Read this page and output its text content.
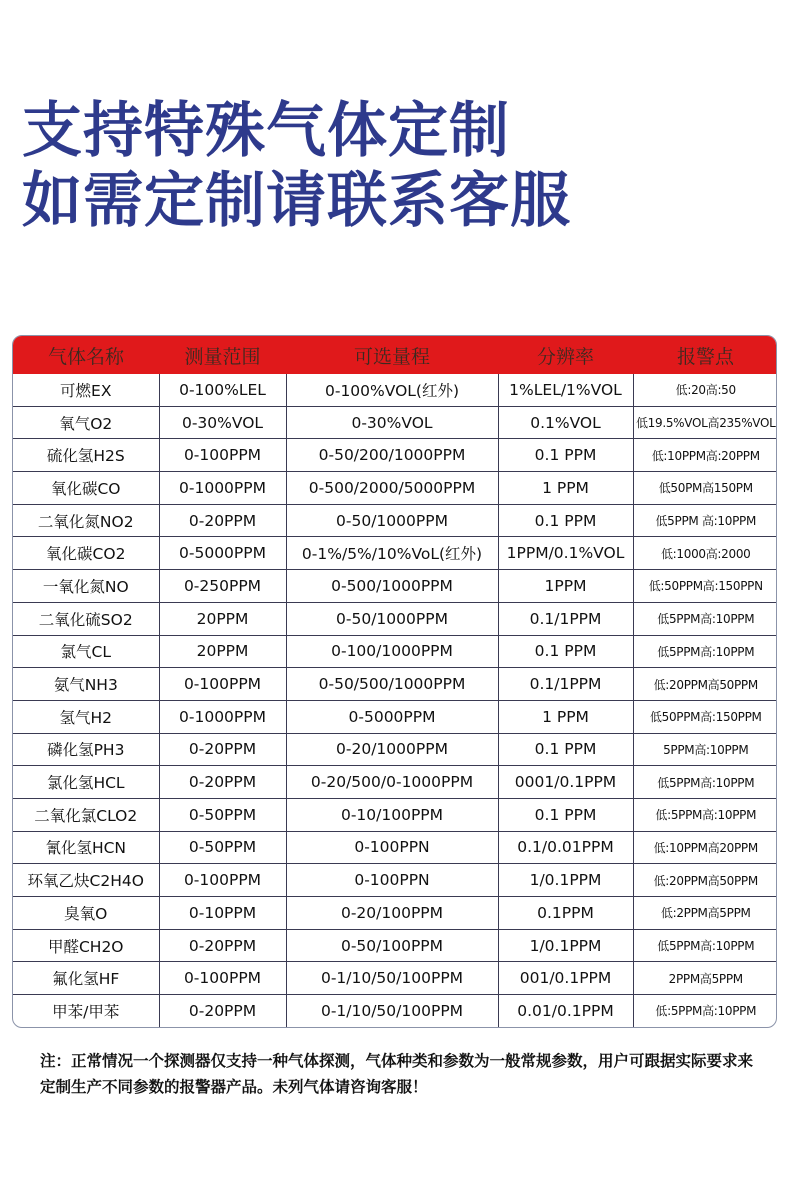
支持特殊气体定制
如需定制请联系客服
气体名称	测量范围	可选量程	分辨率	报警点
可燃EX	0-100%LEL	0-100%VOL(红外)	1%LEL/1%VOL	低:20高:50
氧气O2	0-30%VOL	0-30%VOL	0.1%VOL	低19.5%VOL高235%VOL
硫化氢H2S	0-100PPM	0-50/200/1000PPM	0.1 PPM	低:10PPM高:20PPM
氧化碳CO	0-1000PPM	0-500/2000/5000PPM	1 PPM	低50PM高150PM
二氧化氮NO2	0-20PPM	0-50/1000PPM	0.1 PPM	低5PPM 高:10PPM
氧化碳CO2	0-5000PPM	0-1%/5%/10%VoL(红外)	1PPM/0.1%VOL	低:1000高:2000
一氧化氮NO	0-250PPM	0-500/1000PPM	1PPM	低:50PPM高:150PPN
二氧化硫SO2	20PPM	0-50/1000PPM	0.1/1PPM	低5PPM高:10PPM
氯气CL	20PPM	0-100/1000PPM	0.1 PPM	低5PPM高:10PPM
氨气NH3	0-100PPM	0-50/500/1000PPM	0.1/1PPM	低:20PPM高50PPM
氢气H2	0-1000PPM	0-5000PPM	1 PPM	低50PPM高:150PPM
磷化氢PH3	0-20PPM	0-20/1000PPM	0.1 PPM	5PPM高:10PPM
氯化氢HCL	0-20PPM	0-20/500/0-1000PPM	0001/0.1PPM	低5PPM高:10PPM
二氧化氯CLO2	0-50PPM	0-10/100PPM	0.1 PPM	低:5PPM高:10PPM
氰化氢HCN	0-50PPM	0-100PPN	0.1/0.01PPM	低:10PPM高20PPM
环氧乙炔C2H4O	0-100PPM	0-100PPN	1/0.1PPM	低:20PPM高50PPM
臭氧O	0-10PPM	0-20/100PPM	0.1PPM	低:2PPM高5PPM
甲醛CH2O	0-20PPM	0-50/100PPM	1/0.1PPM	低5PPM高:10PPM
氟化氢HF	0-100PPM	0-1/10/50/100PPM	001/0.1PPM	2PPM高5PPM
甲苯/甲苯	0-20PPM	0-1/10/50/100PPM	0.01/0.1PPM	低:5PPM高:10PPM
注：正常情况一个探测器仅支持一种气体探测，气体种类和参数为一般常规参数，用户可跟据实际要求来定制生产不同参数的报警器产品。未列气体请咨询客服！
